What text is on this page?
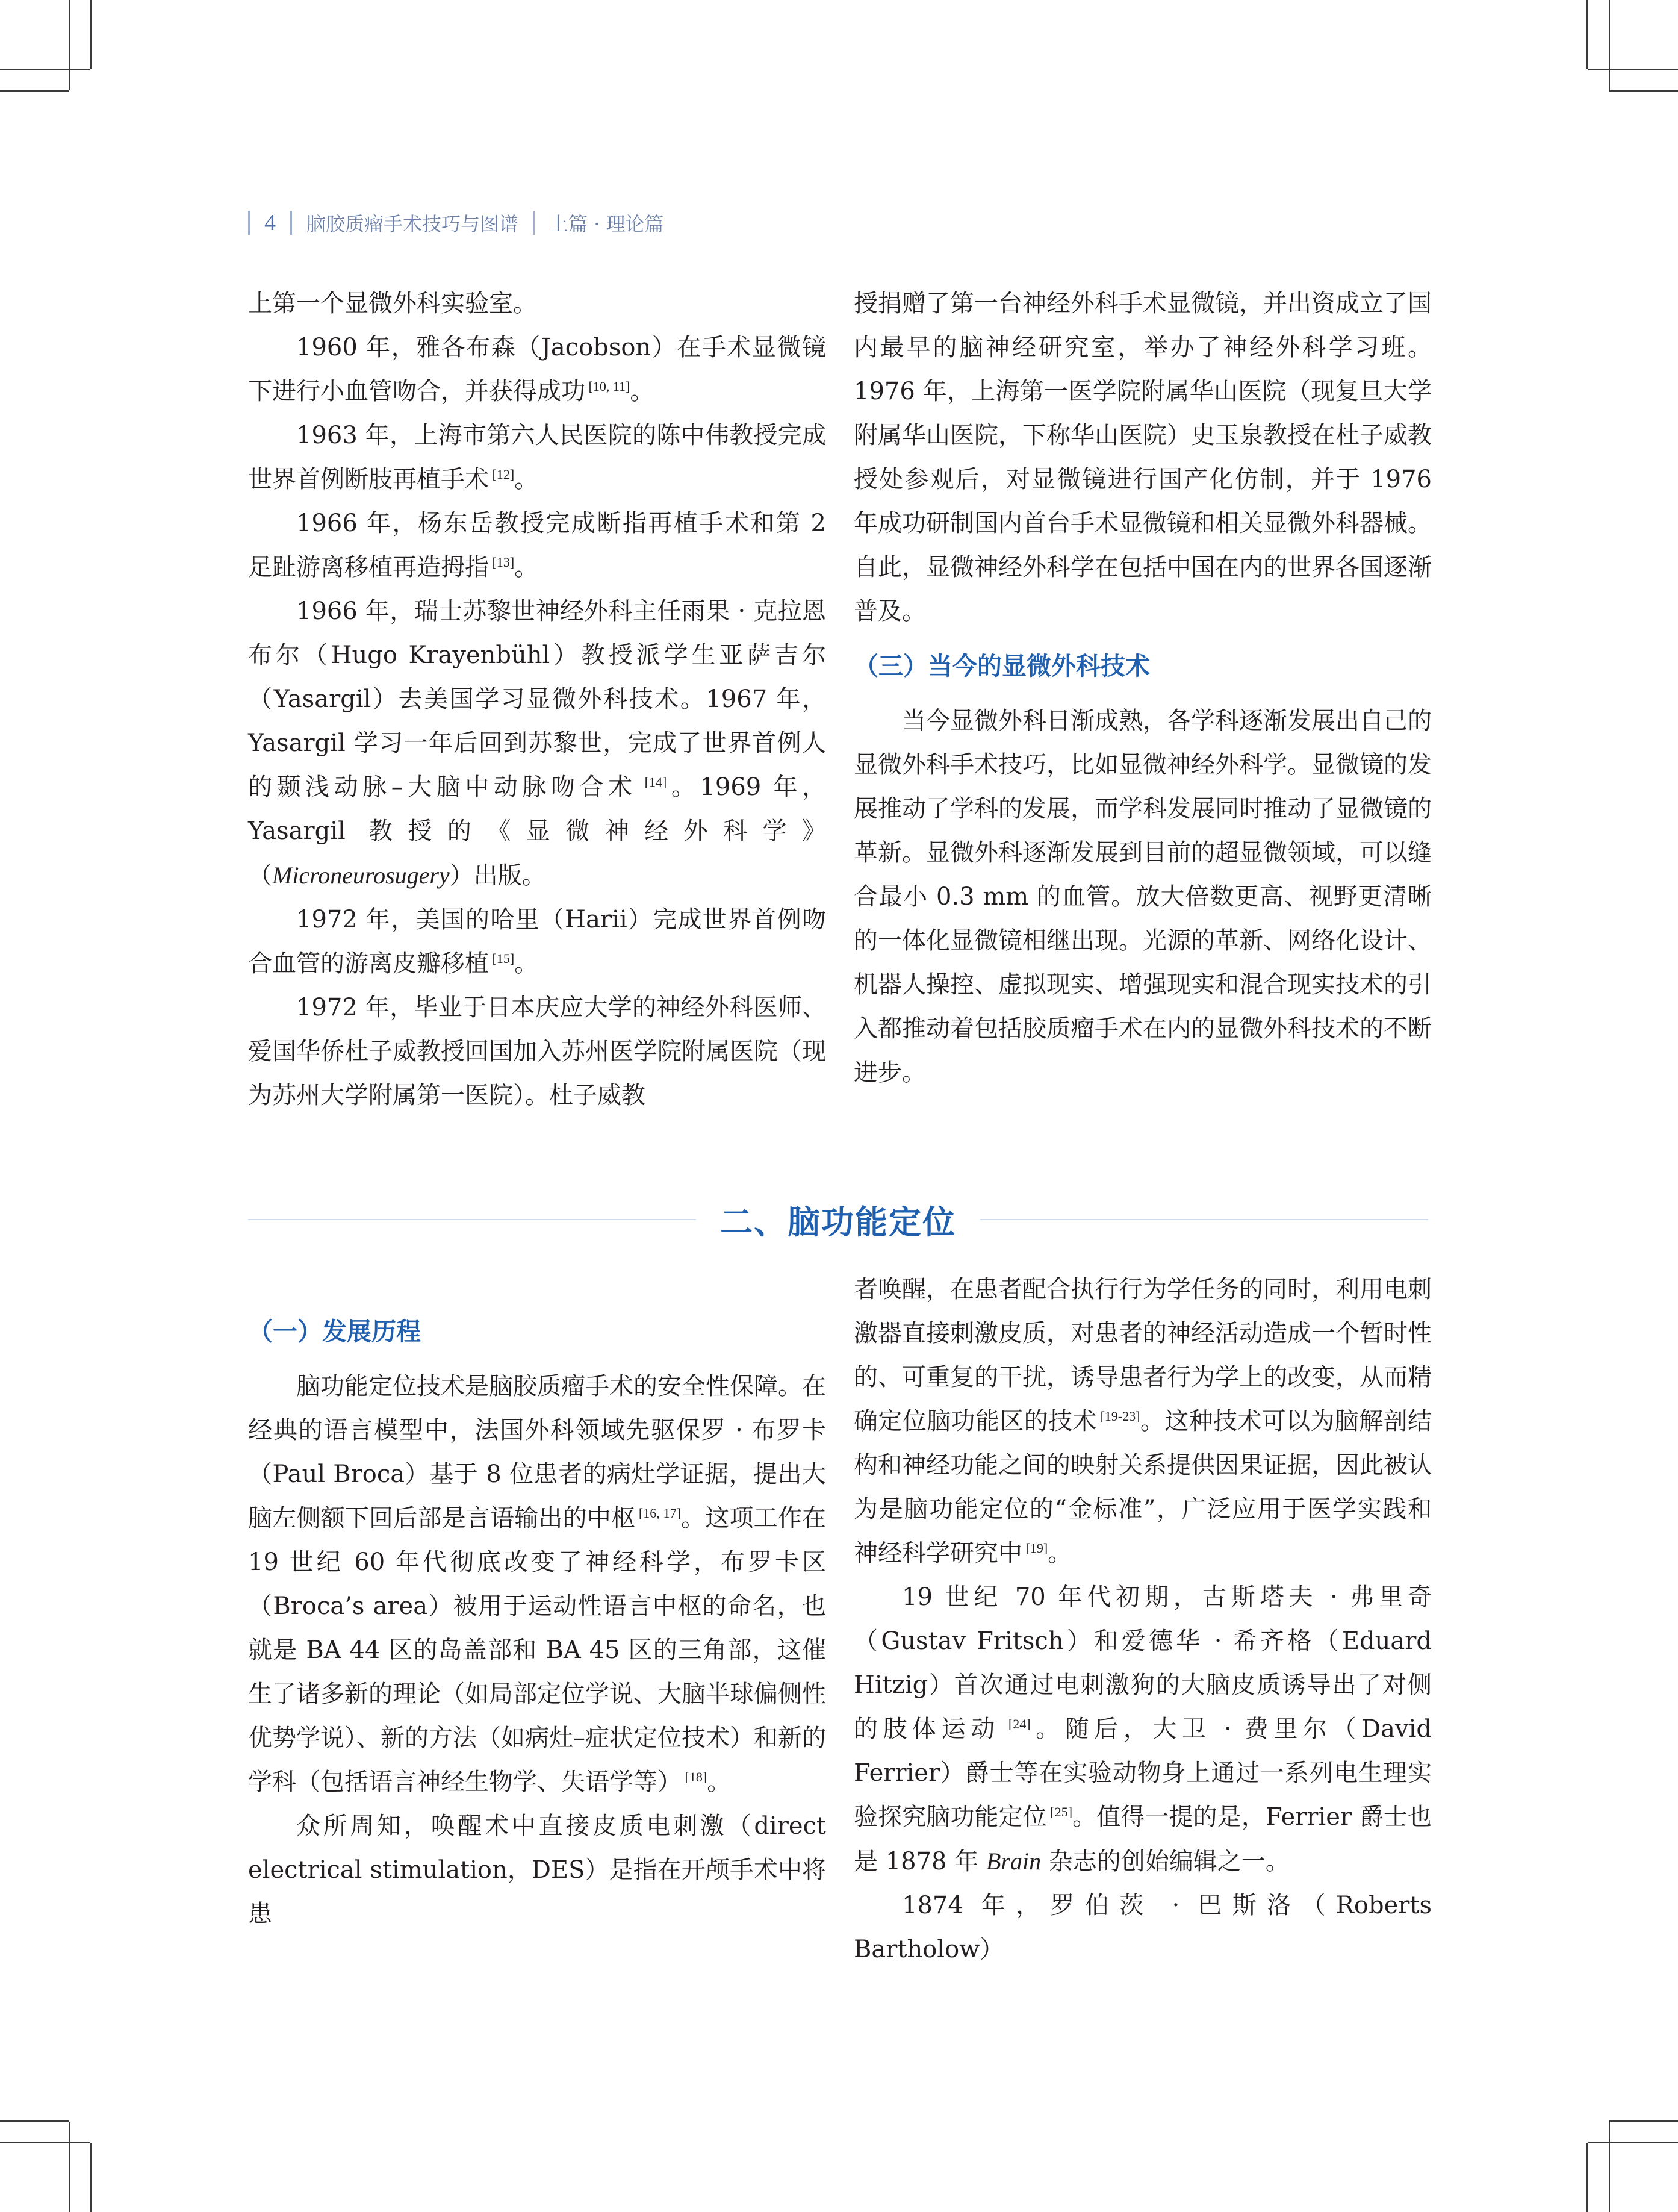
4 脑胶质瘤手术技巧与图谱 上篇 · 理论篇

上第一个显微外科实验室。

1960 年，雅各布森（Jacobson）在手术显微镜下进行小血管吻合，并获得成功 [10, 11]。

1963 年，上海市第六人民医院的陈中伟教授完成世界首例断肢再植手术 [12]。

1966 年，杨东岳教授完成断指再植手术和第 2 足趾游离移植再造拇指 [13]。

1966 年，瑞士苏黎世神经外科主任雨果 · 克拉恩布尔（Hugo Krayenbühl）教授派学生亚萨吉尔（Yasargil）去美国学习显微外科技术。1967 年，Yasargil 学习一年后回到苏黎世，完成了世界首例人的颞浅动脉–大脑中动脉吻合术 [14]。1969 年，Yasargil 教授的《显微神经外科学》（Microneurosugery）出版。

1972 年，美国的哈里（Harii）完成世界首例吻合血管的游离皮瓣移植 [15]。

1972 年，毕业于日本庆应大学的神经外科医师、爱国华侨杜子威教授回国加入苏州医学院附属医院（现为苏州大学附属第一医院）。杜子威教

授捐赠了第一台神经外科手术显微镜，并出资成立了国内最早的脑神经研究室，举办了神经外科学习班。1976 年，上海第一医学院附属华山医院（现复旦大学附属华山医院，下称华山医院）史玉泉教授在杜子威教授处参观后，对显微镜进行国产化仿制，并于 1976 年成功研制国内首台手术显微镜和相关显微外科器械。自此，显微神经外科学在包括中国在内的世界各国逐渐普及。

（三）当今的显微外科技术

当今显微外科日渐成熟，各学科逐渐发展出自己的显微外科手术技巧，比如显微神经外科学。显微镜的发展推动了学科的发展，而学科发展同时推动了显微镜的革新。显微外科逐渐发展到目前的超显微领域，可以缝合最小 0.3 mm 的血管。放大倍数更高、视野更清晰的一体化显微镜相继出现。光源的革新、网络化设计、机器人操控、虚拟现实、增强现实和混合现实技术的引入都推动着包括胶质瘤手术在内的显微外科技术的不断进步。

二、脑功能定位

（一）发展历程

脑功能定位技术是脑胶质瘤手术的安全性保障。在经典的语言模型中，法国外科领域先驱保罗 · 布罗卡（Paul Broca）基于 8 位患者的病灶学证据，提出大脑左侧额下回后部是言语输出的中枢 [16, 17]。这项工作在 19 世纪 60 年代彻底改变了神经科学，布罗卡区（Broca’s area）被用于运动性语言中枢的命名，也就是 BA 44 区的岛盖部和 BA 45 区的三角部，这催生了诸多新的理论（如局部定位学说、大脑半球偏侧性优势学说）、新的方法（如病灶–症状定位技术）和新的学科（包括语言神经生物学、失语学等） [18]。

众所周知，唤醒术中直接皮质电刺激（direct electrical stimulation，DES）是指在开颅手术中将患

者唤醒，在患者配合执行行为学任务的同时，利用电刺激器直接刺激皮质，对患者的神经活动造成一个暂时性的、可重复的干扰，诱导患者行为学上的改变，从而精确定位脑功能区的技术 [19-23]。这种技术可以为脑解剖结构和神经功能之间的映射关系提供因果证据，因此被认为是脑功能定位的“金标准”，广泛应用于医学实践和神经科学研究中 [19]。

19 世纪 70 年代初期，古斯塔夫 · 弗里奇（Gustav Fritsch）和爱德华 · 希齐格（Eduard Hitzig）首次通过电刺激狗的大脑皮质诱导出了对侧的肢体运动 [24]。随后，大卫 · 费里尔（David Ferrier）爵士等在实验动物身上通过一系列电生理实验探究脑功能定位 [25]。值得一提的是，Ferrier 爵士也是 1878 年 Brain 杂志的创始编辑之一。

1874 年，罗伯茨 · 巴斯洛（Roberts Bartholow）
